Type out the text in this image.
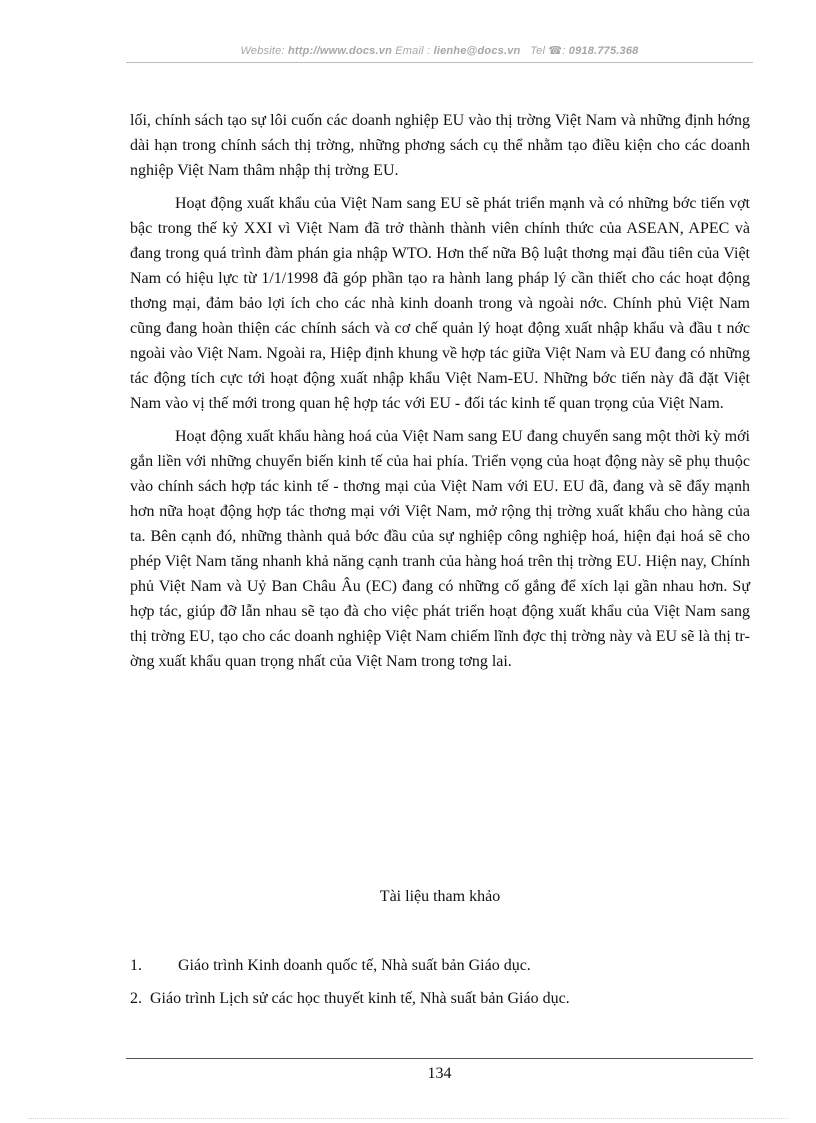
Website: http://www.docs.vn Email : lienhe@docs.vn Tel ☎: 0918.775.368

lối, chính sách tạo sự lôi cuốn các doanh nghiệp EU vào thị trờng Việt Nam và những định hớng dài hạn trong chính sách thị trờng, những phơng sách cụ thể nhằm tạo điều kiện cho các doanh nghiệp Việt Nam thâm nhập thị trờng EU.

Hoạt động xuất khẩu của Việt Nam sang EU sẽ phát triển mạnh và có những bớc tiến vợt bậc trong thế kỷ XXI vì Việt Nam đã trở thành thành viên chính thức của ASEAN, APEC và đang trong quá trình đàm phán gia nhập WTO. Hơn thế nữa Bộ luật thơng mại đầu tiên của Việt Nam có hiệu lực từ 1/1/1998 đã góp phần tạo ra hành lang pháp lý cần thiết cho các hoạt động thơng mại, đảm bảo lợi ích cho các nhà kinh doanh trong và ngoài nớc. Chính phủ Việt Nam cũng đang hoàn thiện các chính sách và cơ chế quản lý hoạt động xuất nhập khẩu và đầu t nớc ngoài vào Việt Nam. Ngoài ra, Hiệp định khung về hợp tác giữa Việt Nam và EU đang có những tác động tích cực tới hoạt động xuất nhập khẩu Việt Nam-EU. Những bớc tiến này đã đặt Việt Nam vào vị thế mới trong quan hệ hợp tác với EU - đối tác kinh tế quan trọng của Việt Nam.

Hoạt động xuất khẩu hàng hoá của Việt Nam sang EU đang chuyển sang một thời kỳ mới gắn liền với những chuyển biến kinh tế của hai phía. Triển vọng của hoạt động này sẽ phụ thuộc vào chính sách hợp tác kinh tế - thơng mại của Việt Nam với EU. EU đã, đang và sẽ đẩy mạnh hơn nữa hoạt động hợp tác thơng mại với Việt Nam, mở rộng thị trờng xuất khẩu cho hàng của ta. Bên cạnh đó, những thành quả bớc đầu của sự nghiệp công nghiệp hoá, hiện đại hoá sẽ cho phép Việt Nam tăng nhanh khả năng cạnh tranh của hàng hoá trên thị trờng EU. Hiện nay, Chính phủ Việt Nam và Uỷ Ban Châu Âu (EC) đang có những cố gắng để xích lại gần nhau hơn. Sự hợp tác, giúp đỡ lẫn nhau sẽ tạo đà cho việc phát triển hoạt động xuất khẩu của Việt Nam sang thị trờng EU, tạo cho các doanh nghiệp Việt Nam chiếm lĩnh đợc thị trờng này và EU sẽ là thị trờng xuất khẩu quan trọng nhất của Việt Nam trong tơng lai.

Tài liệu tham khảo
1. Giáo trình Kinh doanh quốc tế, Nhà suất bản Giáo dục.
2. Giáo trình Lịch sử các học thuyết kinh tế, Nhà suất bản Giáo dục.
134
